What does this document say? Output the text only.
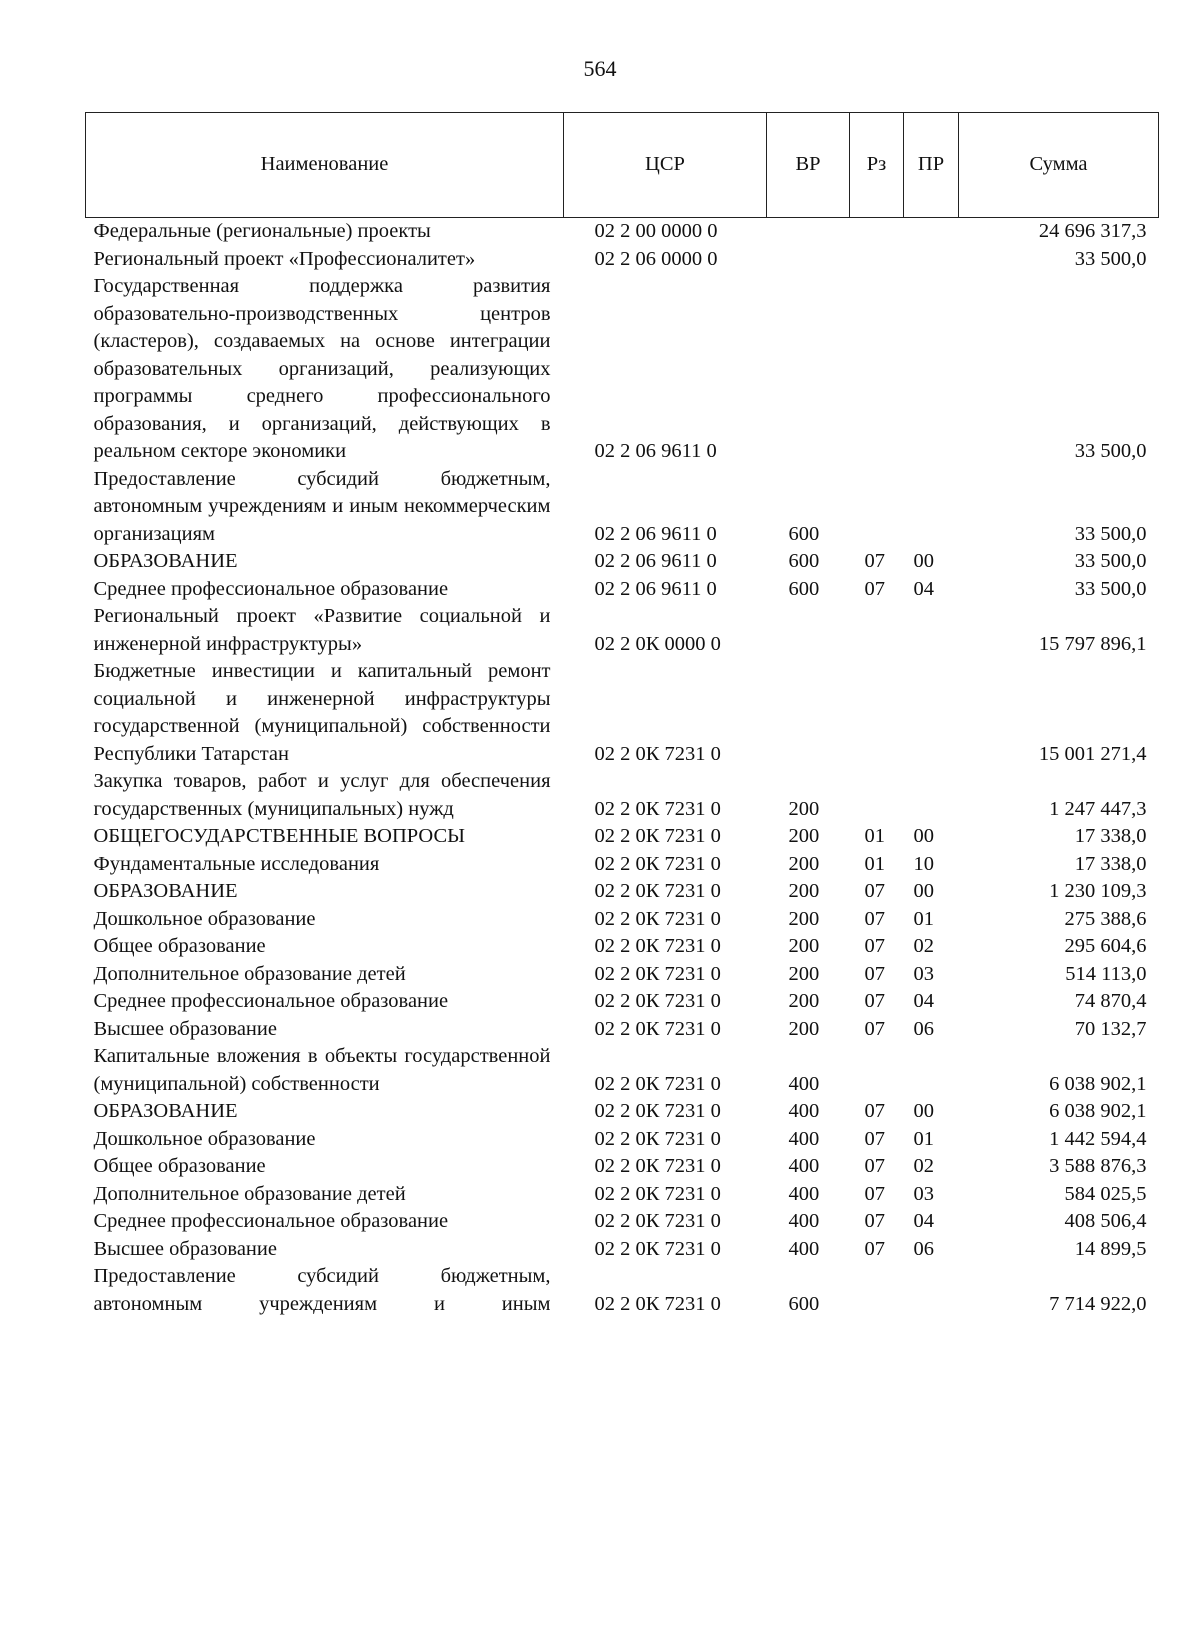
564
Наименование	ЦСР	ВР	Рз	ПР	Сумма
Федеральные (региональные) проекты	02 2 00 0000 0				24 696 317,3
Региональный проект «Профессионалитет»	02 2 06 0000 0				33 500,0
Государственная поддержка развития образовательно-производственных центров (кластеров), создаваемых на основе интеграции образовательных организаций, реализующих программы среднего профессионального образования, и организаций, действующих в реальном секторе экономики	02 2 06 9611 0				33 500,0
Предоставление субсидий бюджетным, автономным учреждениям и иным некоммерческим организациям	02 2 06 9611 0	600			33 500,0
ОБРАЗОВАНИЕ	02 2 06 9611 0	600	07	00	33 500,0
Среднее профессиональное образование	02 2 06 9611 0	600	07	04	33 500,0
Региональный проект «Развитие социальной и инженерной инфраструктуры»	02 2 0К 0000 0				15 797 896,1
Бюджетные инвестиции и капитальный ремонт социальной и инженерной инфраструктуры государственной (муниципальной) собственности Республики Татарстан	02 2 0К 7231 0				15 001 271,4
Закупка товаров, работ и услуг для обеспечения государственных (муниципальных) нужд	02 2 0К 7231 0	200			1 247 447,3
ОБЩЕГОСУДАРСТВЕННЫЕ ВОПРОСЫ	02 2 0К 7231 0	200	01	00	17 338,0
Фундаментальные исследования	02 2 0К 7231 0	200	01	10	17 338,0
ОБРАЗОВАНИЕ	02 2 0К 7231 0	200	07	00	1 230 109,3
Дошкольное образование	02 2 0К 7231 0	200	07	01	275 388,6
Общее образование	02 2 0К 7231 0	200	07	02	295 604,6
Дополнительное образование детей	02 2 0К 7231 0	200	07	03	514 113,0
Среднее профессиональное образование	02 2 0К 7231 0	200	07	04	74 870,4
Высшее образование	02 2 0К 7231 0	200	07	06	70 132,7
Капитальные вложения в объекты государственной (муниципальной) собственности	02 2 0К 7231 0	400			6 038 902,1
ОБРАЗОВАНИЕ	02 2 0К 7231 0	400	07	00	6 038 902,1
Дошкольное образование	02 2 0К 7231 0	400	07	01	1 442 594,4
Общее образование	02 2 0К 7231 0	400	07	02	3 588 876,3
Дополнительное образование детей	02 2 0К 7231 0	400	07	03	584 025,5
Среднее профессиональное образование	02 2 0К 7231 0	400	07	04	408 506,4
Высшее образование	02 2 0К 7231 0	400	07	06	14 899,5
Предоставление субсидий бюджетным, автономным учреждениям и иным	02 2 0К 7231 0	600			7 714 922,0
